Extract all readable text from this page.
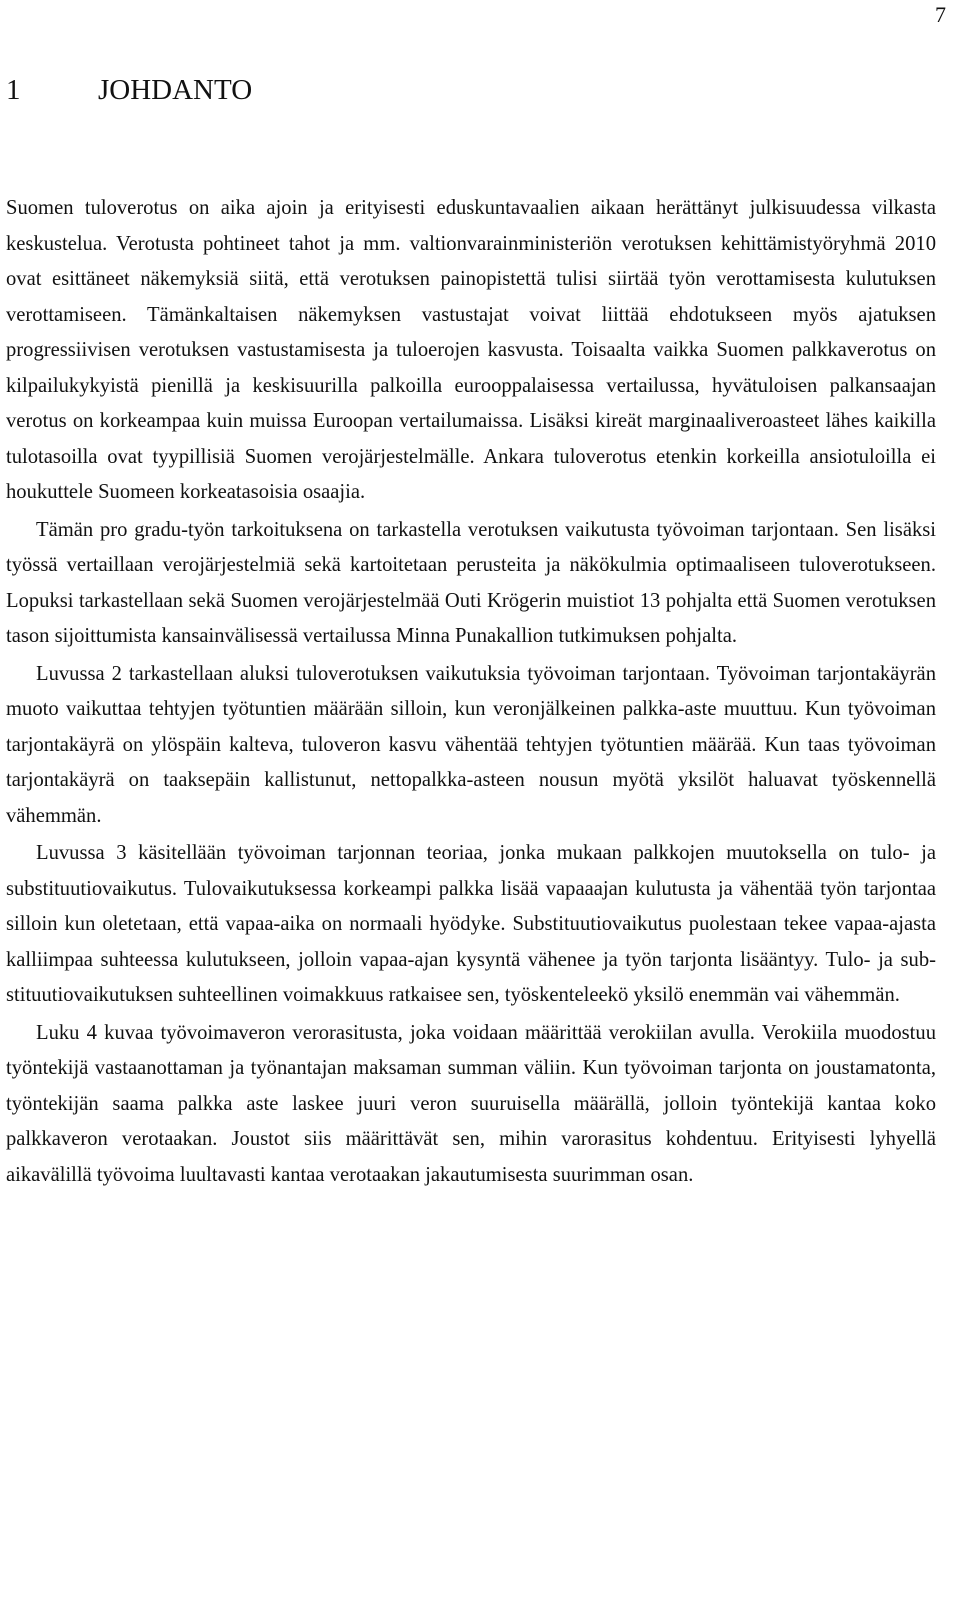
7
1	JOHDANTO

Suomen tuloverotus on aika ajoin ja erityisesti eduskuntavaalien aikaan herättänyt julkisuudessa vilkasta keskustelua. Verotusta pohtineet tahot ja mm. valtionvarainministeriön verotuksen kehittämistyöryhmä 2010 ovat esittäneet näkemyksiä siitä, että verotuksen painopistettä tulisi siirtää työn verottamisesta kulutuksen verottamiseen. Tämänkaltaisen näkemyksen vastustajat voivat liittää ehdotukseen myös ajatuksen progressiivisen verotuksen vastustamisesta ja tuloerojen kasvusta. Toisaalta vaikka Suomen palkkaverotus on kilpailukykyistä pienillä ja keskisuurilla palkoilla eurooppalaisessa vertailussa, hyvätuloisen palkansaajan verotus on korkeampaa kuin muissa Euroopan vertailumaissa. Lisäksi kireät marginaaliveroasteet lähes kaikilla tulotasoilla ovat tyypillisiä Suomen verojärjestelmälle. Ankara tuloverotus etenkin korkeilla ansiotuloilla ei houkuttele Suomeen korkeatasoisia osaajia.

Tämän pro gradu-työn tarkoituksena on tarkastella verotuksen vaikutusta työvoiman tarjontaan. Sen lisäksi työssä vertaillaan verojärjestelmiä sekä kartoitetaan perusteita ja näkökulmia optimaaliseen tuloverotukseen. Lopuksi tarkastellaan sekä Suomen verojärjestelmää Outi Krögerin muistiot 13 pohjalta että Suomen verotuksen tason sijoittumista kansainvälisessä vertailussa Minna Punakallion tutkimuksen pohjalta.

Luvussa 2 tarkastellaan aluksi tuloverotuksen vaikutuksia työvoiman tarjontaan. Työvoiman tarjontakäyrän muoto vaikuttaa tehtyjen työtuntien määrään silloin, kun veronjälkeinen palkka-aste muuttuu. Kun työvoiman tarjontakäyrä on ylöspäin kalteva, tuloveron kasvu vähentää tehtyjen työtuntien määrää. Kun taas työvoiman tarjontakäyrä on taaksepäin kallistunut, nettopalkka-asteen nousun myötä yksilöt haluavat työskennellä vähemmän.

Luvussa 3 käsitellään työvoiman tarjonnan teoriaa, jonka mukaan palkkojen muutoksella on tulo- ja substituutiovaikutus. Tulovaikutuksessa korkeampi palkka lisää vapaaajan kulutusta ja vähentää työn tarjontaa silloin kun oletetaan, että vapaa-aika on normaali hyödyke. Substituutiovaikutus puolestaan tekee vapaa-ajasta kalliimpaa suhteessa kulutukseen, jolloin vapaa-ajan kysyntä vähenee ja työn tarjonta lisääntyy. Tulo- ja substituutiovaikutuksen suhteellinen voimakkuus ratkaisee sen, työskenteleekö yksilö enemmän vai vähemmän.

Luku 4 kuvaa työvoimaveron verorasitusta, joka voidaan määrittää verokiilan avulla. Verokiila muodostuu työntekijä vastaanottaman ja työnantajan maksaman summan väliin. Kun työvoiman tarjonta on joustamatonta, työntekijän saama palkka aste laskee juuri veron suuruisella määrällä, jolloin työntekijä kantaa koko palkkaveron verotaakan. Joustot siis määrittävät sen, mihin varorasitus kohdentuu. Erityisesti lyhyellä aikavälillä työvoima luultavasti kantaa verotaakan jakautumisesta suurimman osan.
